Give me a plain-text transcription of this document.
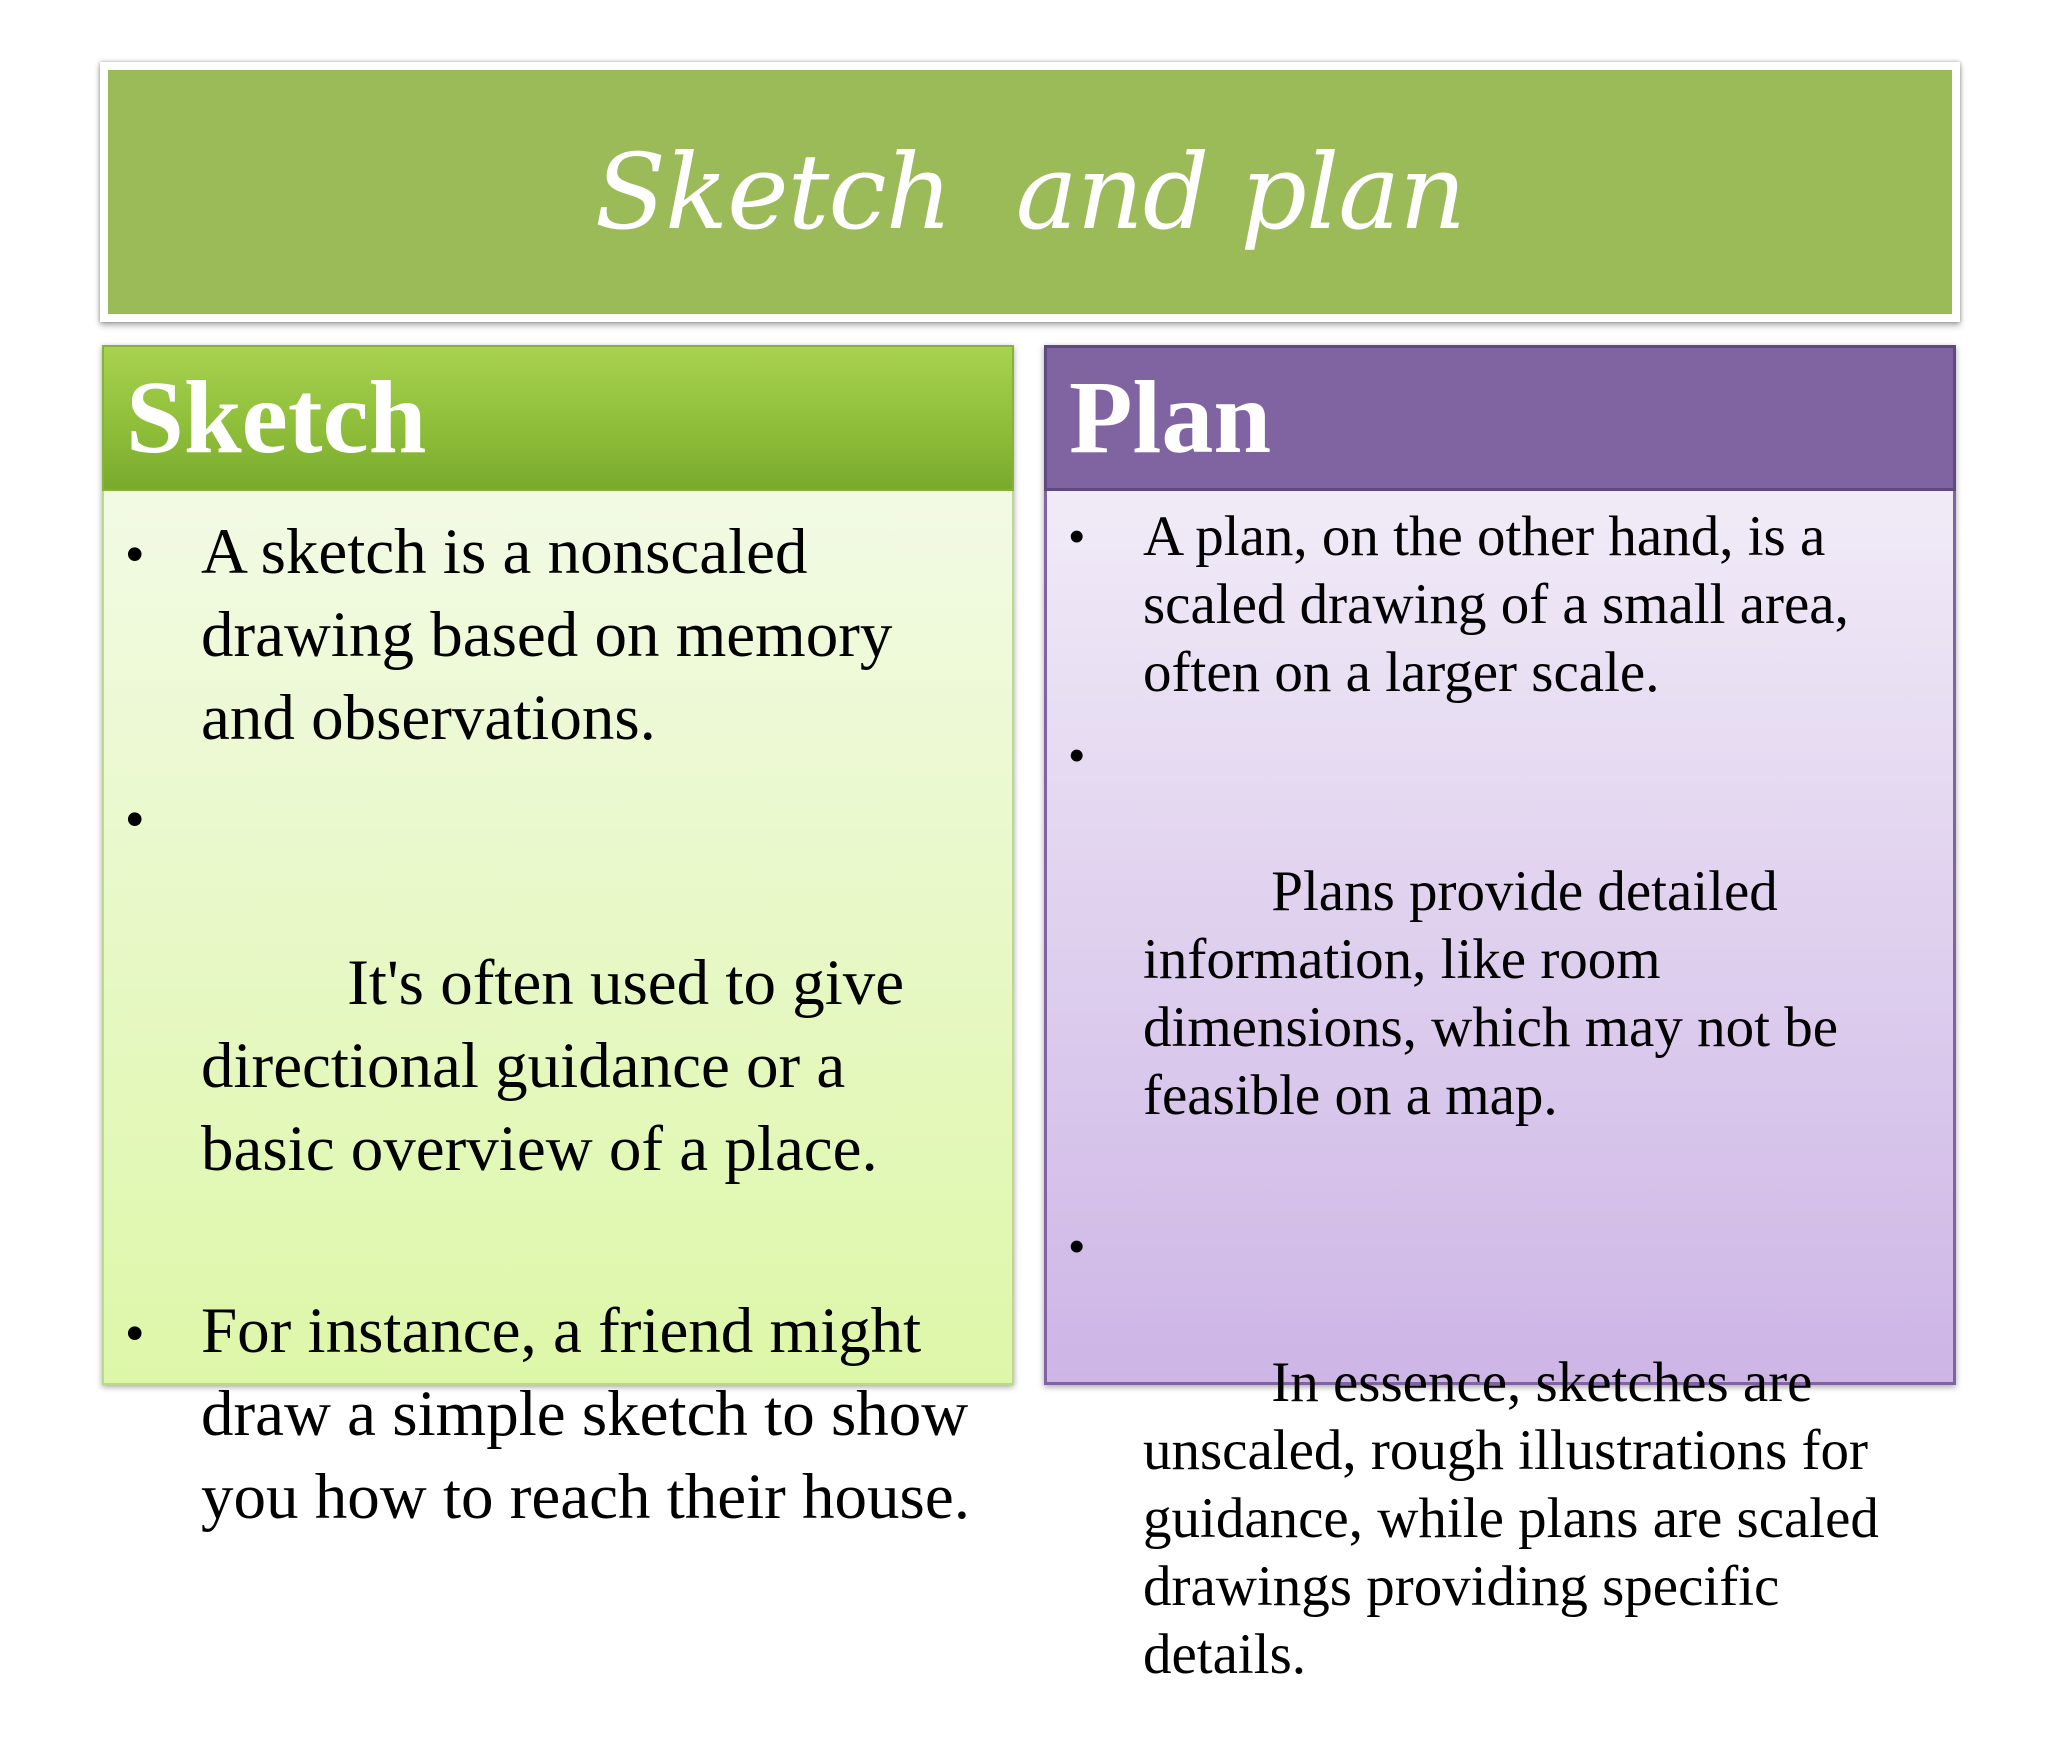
Sketch  and plan
Sketch
• A sketch is a nonscaled drawing based on memory and observations.

•

It's often used to give directional guidance or a basic overview of a place.

• For instance, a friend might draw a simple sketch to show you how to reach their house.
Plan
• A plan, on the other hand, is a scaled drawing of a small area, often on a larger scale.

•

Plans provide detailed information, like room dimensions, which may not be feasible on a map.

•

In essence, sketches are unscaled, rough illustrations for guidance, while plans are scaled drawings providing specific details.
